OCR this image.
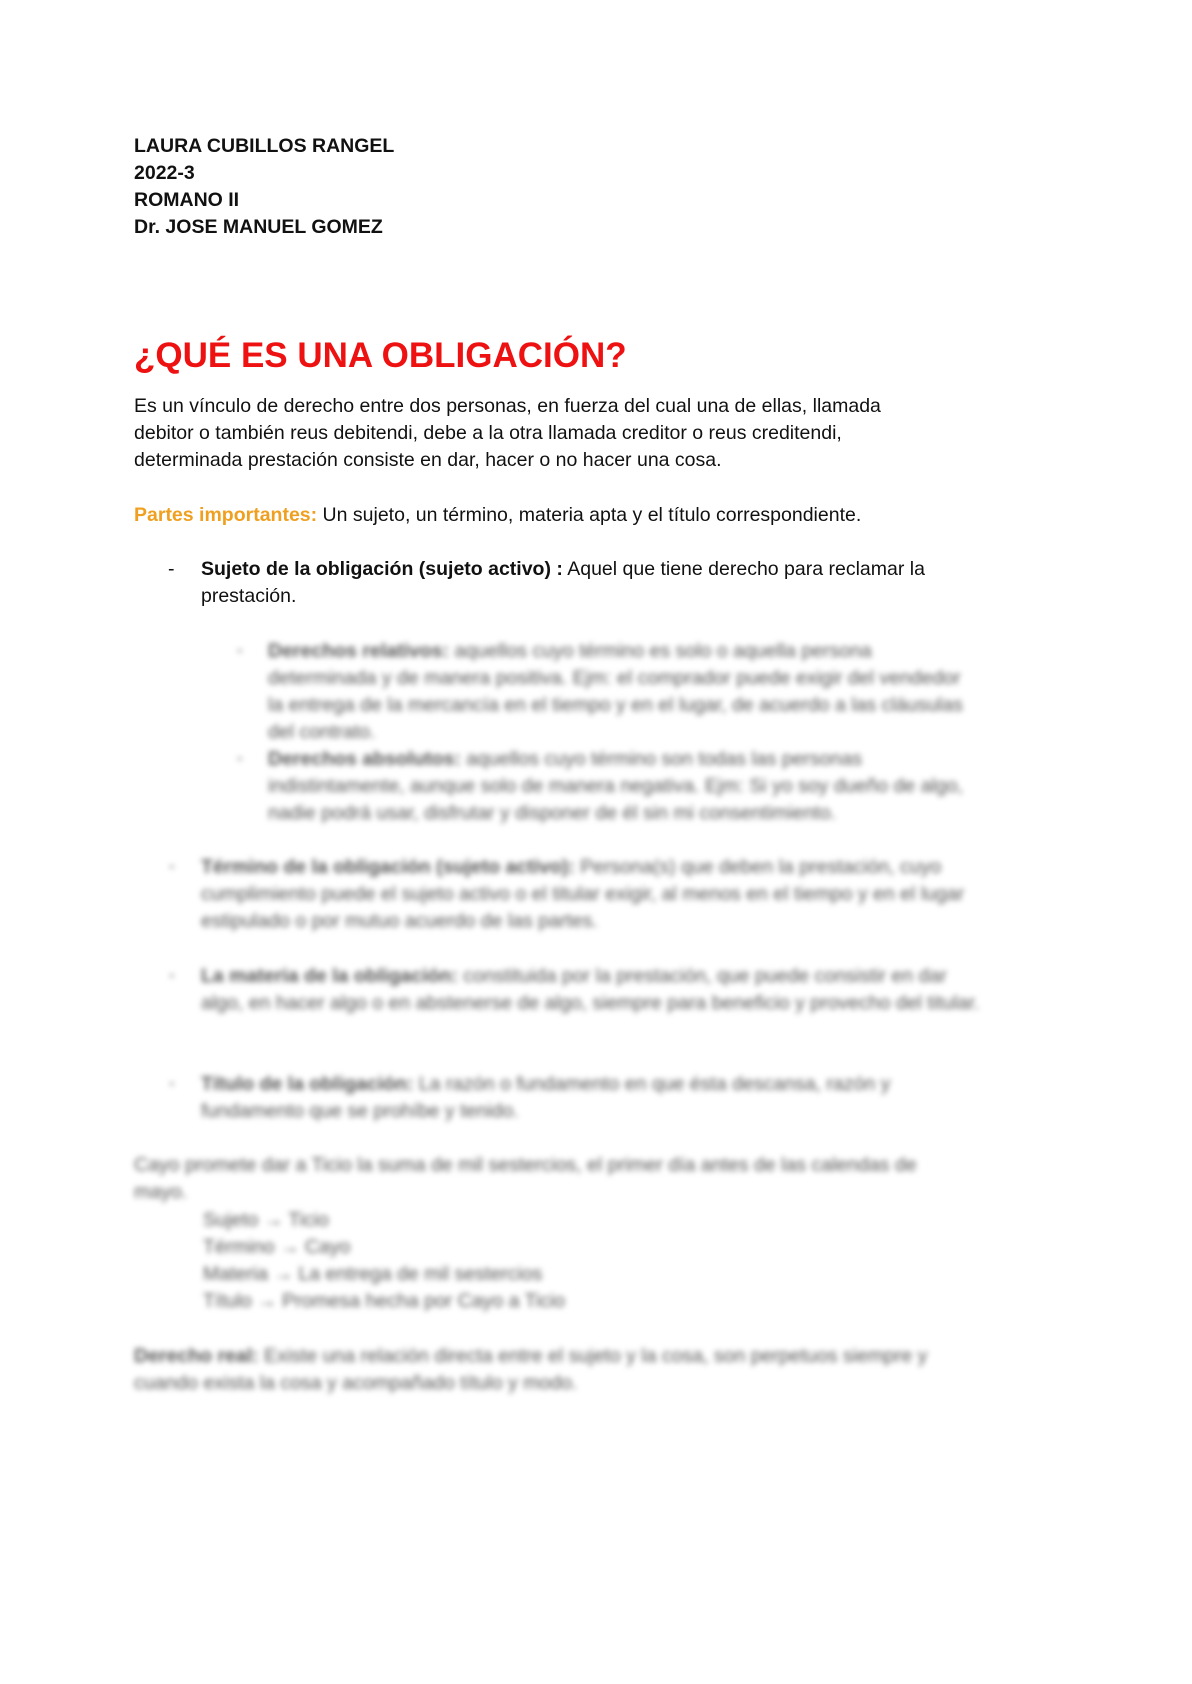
LAURA CUBILLOS RANGEL
2022-3
ROMANO II
Dr. JOSE MANUEL GOMEZ
¿QUÉ ES UNA OBLIGACIÓN?
Es un vínculo de derecho entre dos personas, en fuerza del cual una de ellas, llamada debitor o también reus debitendi, debe a la otra llamada creditor o reus creditendi, determinada prestación consiste en dar, hacer o no hacer una cosa.
Partes importantes: Un sujeto, un término, materia apta y el título correspondiente.
- Sujeto de la obligación (sujeto activo) : Aquel que tiene derecho para reclamar la prestación.
▪ Derechos relativos: aquellos cuyo término es solo o aquella persona determinada y de manera positiva. Ejm: el comprador puede exigir del vendedor la entrega de la mercancía en el tiempo y en el lugar, de acuerdo a las cláusulas del contrato.
▪ Derechos absolutos: aquellos cuyo término son todas las personas indistintamente, aunque solo de manera negativa. Ejm: Si yo soy dueño de algo, nadie podrá usar, disfrutar y disponer de él sin mi consentimiento.
▪ Término de la obligación (sujeto activo): Persona(s) que deben la prestación, cuyo cumplimiento puede el sujeto activo o el titular exigir, al menos en el tiempo y en el lugar estipulado o por mutuo acuerdo de las partes.
▪ La materia de la obligación: constituida por la prestación, que puede consistir en dar algo, en hacer algo o en abstenerse de algo, siempre para beneficio y provecho del titular.
▪ Título de la obligación: La razón o fundamento en que ésta descansa, razón y fundamento que se prohíbe y tenido.
Cayo promete dar a Ticio la suma de mil sestercios, el primer día antes de las calendas de mayo.
Sujeto → Ticio
Término → Cayo
Materia → La entrega de mil sestercios
Título → Promesa hecha por Cayo a Ticio
Derecho real: Existe una relación directa entre el sujeto y la cosa, son perpetuos siempre y cuando exista la cosa y acompañado título y modo.
